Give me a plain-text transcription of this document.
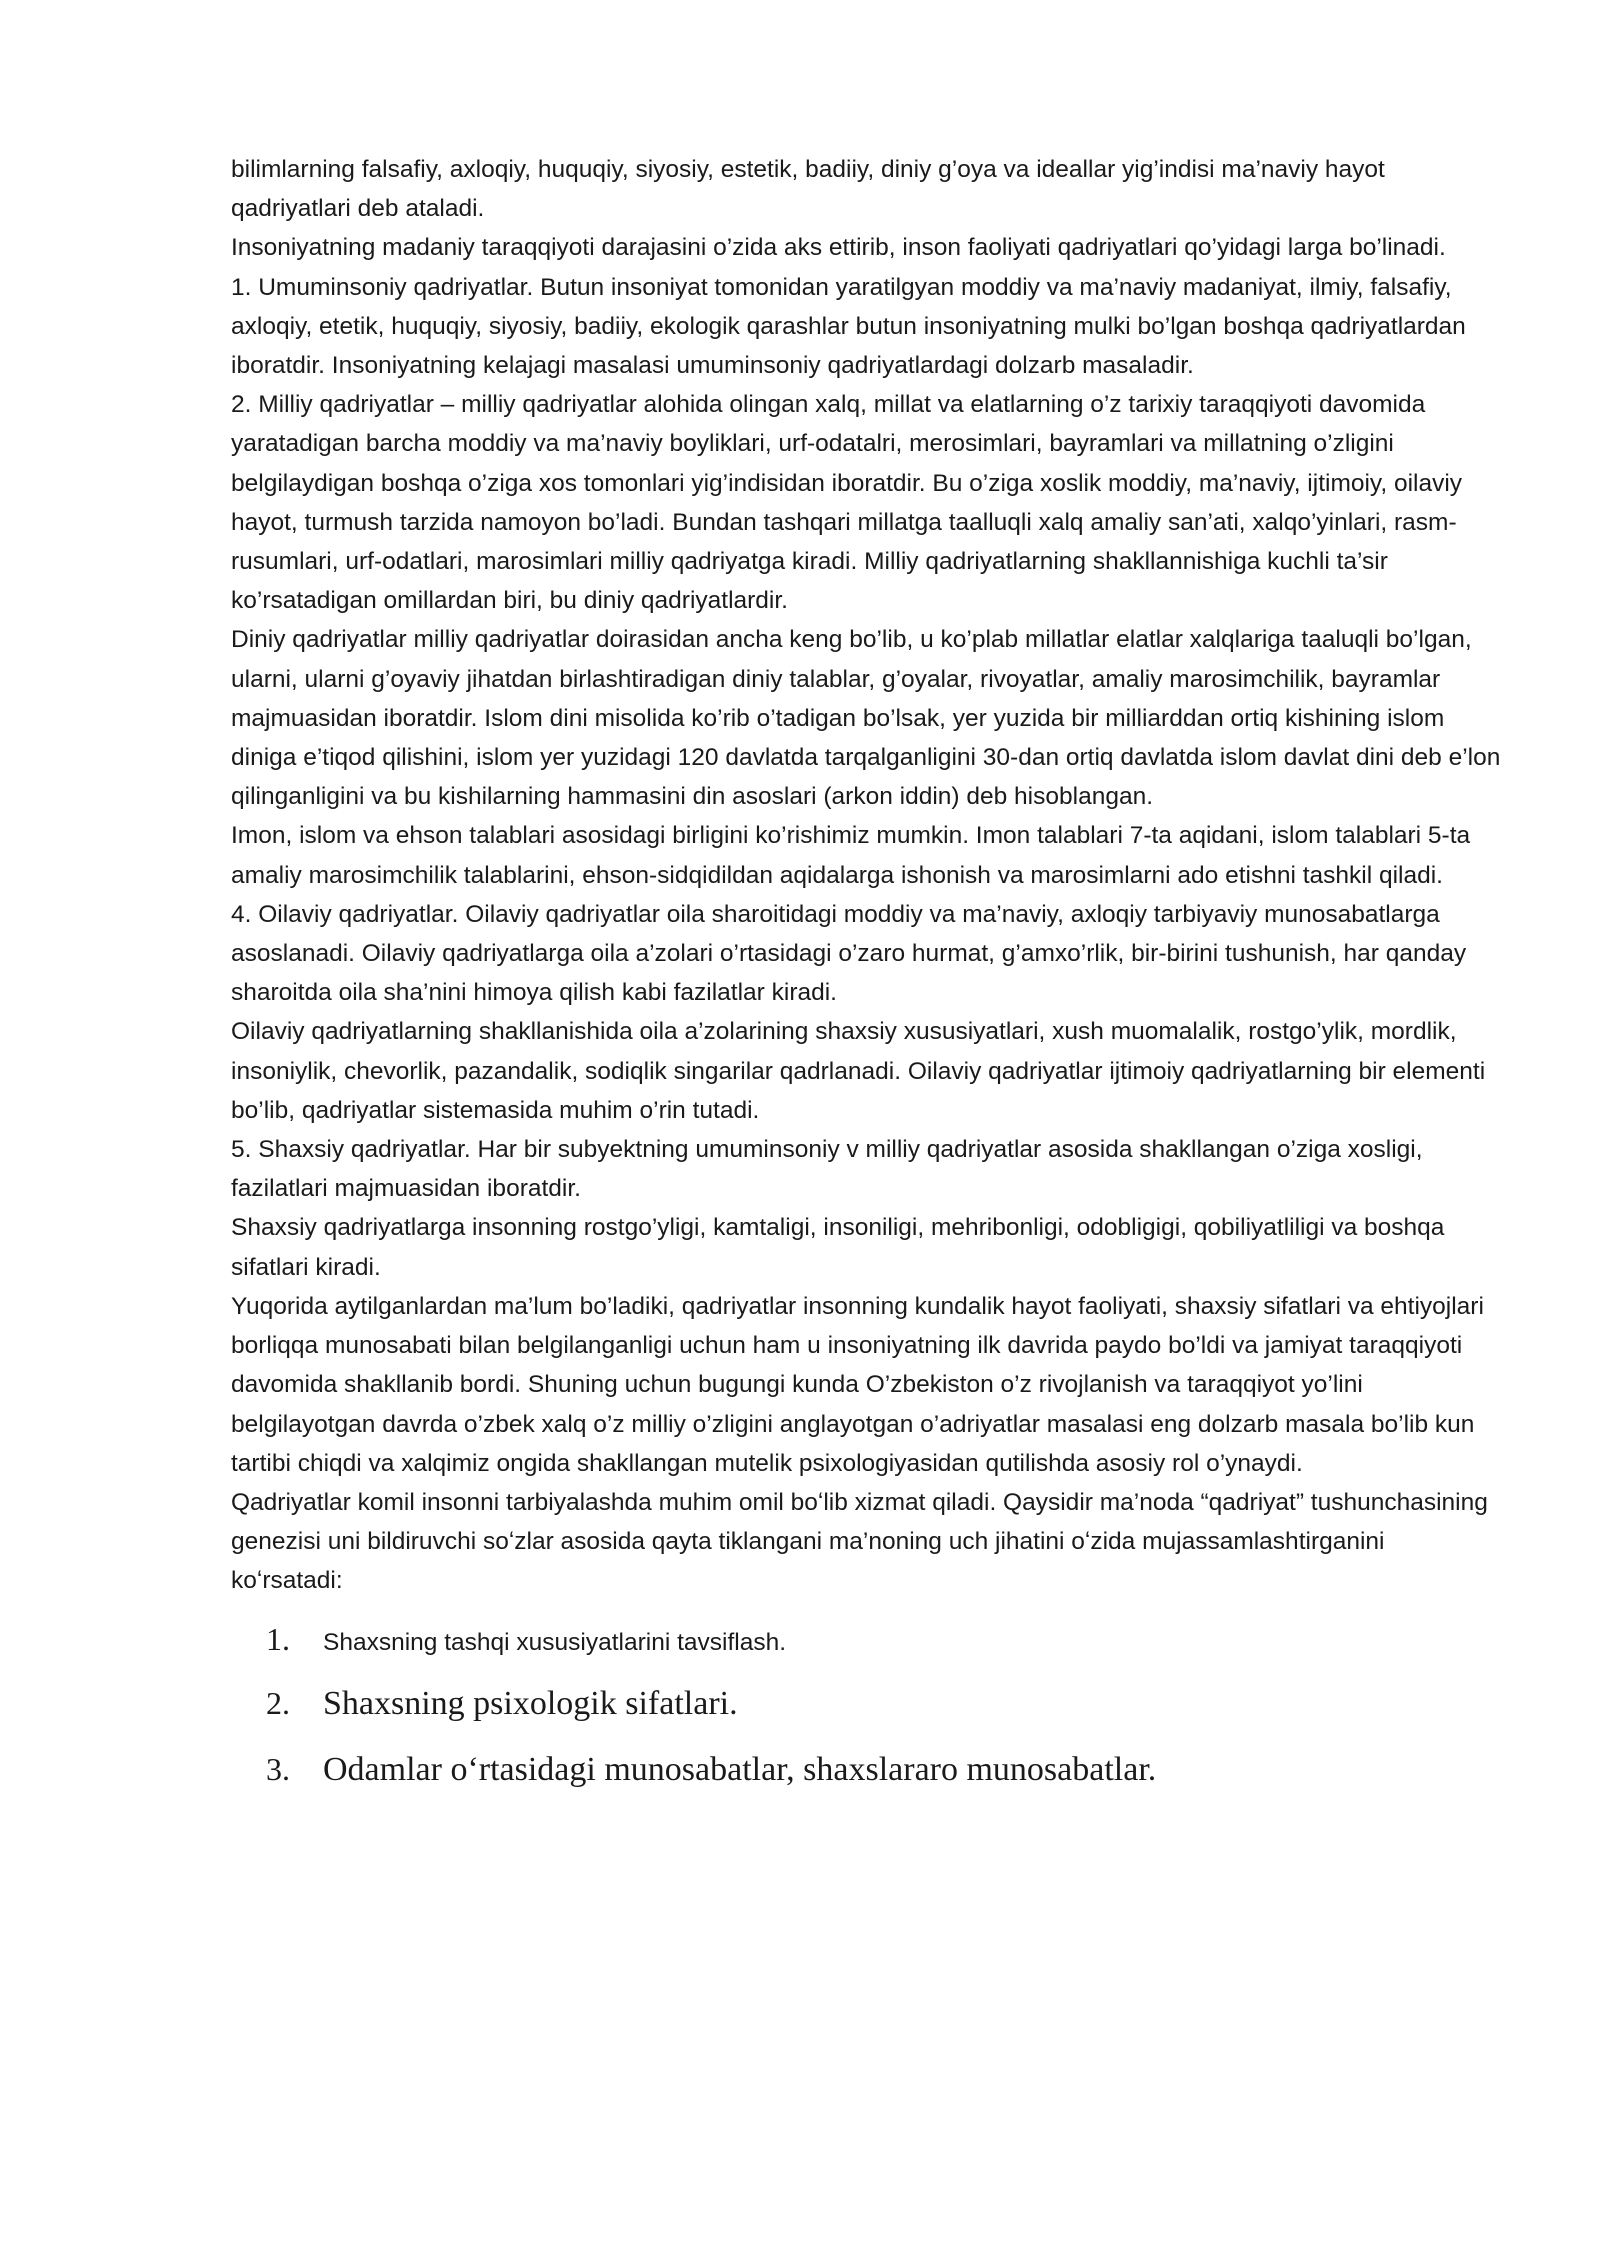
bilimlarning falsafiy, axloqiy, huquqiy, siyosiy, estetik, badiiy, diniy g’oya va ideallar yig’indisi ma’naviy hayot qadriyatlari deb ataladi.

Insoniyatning madaniy taraqqiyoti darajasini o’zida aks ettirib, inson faoliyati qadriyatlari qo’yidagi larga bo’linadi.

1. Umuminsoniy qadriyatlar. Butun insoniyat tomonidan yaratilgyan moddiy va ma’naviy madaniyat, ilmiy, falsafiy, axloqiy, etetik, huquqiy, siyosiy, badiiy, ekologik qarashlar butun insoniyatning mulki bo’lgan boshqa qadriyatlardan iboratdir. Insoniyatning kelajagi masalasi umuminsoniy qadriyatlardagi dolzarb masaladir.

2. Milliy qadriyatlar – milliy qadriyatlar alohida olingan xalq, millat va elatlarning o’z tarixiy taraqqiyoti davomida yaratadigan barcha moddiy va ma’naviy boyliklari, urf-odatalri, merosimlari, bayramlari va millatning o’zligini belgilaydigan boshqa o’ziga xos tomonlari yig’indisidan iboratdir. Bu o’ziga xoslik moddiy, ma’naviy, ijtimoiy, oilaviy hayot, turmush tarzida namoyon bo’ladi. Bundan tashqari millatga taalluqli xalq amaliy san’ati, xalqo’yinlari, rasm-rusumlari, urf-odatlari, marosimlari milliy qadriyatga kiradi. Milliy qadriyatlarning shakllannishiga kuchli ta’sir ko’rsatadigan omillardan biri, bu diniy qadriyatlardir.

Diniy qadriyatlar milliy qadriyatlar doirasidan ancha keng bo’lib, u ko’plab millatlar elatlar xalqlariga taaluqli bo’lgan, ularni, ularni g’oyaviy jihatdan birlashtiradigan diniy talablar, g’oyalar, rivoyatlar, amaliy marosimchilik, bayramlar majmuasidan iboratdir. Islom dini misolida ko’rib o’tadigan bo’lsak, yer yuzida bir milliarddan ortiq kishining islom diniga e’tiqod qilishini, islom yer yuzidagi 120 davlatda tarqalganligini 30-dan ortiq davlatda islom davlat dini deb e’lon qilinganligini va bu kishilarning hammasini din asoslari (arkon iddin) deb hisoblangan.

Imon, islom va ehson talablari asosidagi birligini ko’rishimiz mumkin. Imon talablari 7-ta aqidani, islom talablari 5-ta amaliy marosimchilik talablarini, ehson-sidqidildan aqidalarga ishonish va marosimlarni ado etishni tashkil qiladi.

4. Oilaviy qadriyatlar. Oilaviy qadriyatlar oila sharoitidagi moddiy va ma’naviy, axloqiy tarbiyaviy munosabatlarga asoslanadi. Oilaviy qadriyatlarga oila a’zolari o’rtasidagi o’zaro hurmat, g’amxo’rlik, bir-birini tushunish, har qanday sharoitda oila sha’nini himoya qilish kabi fazilatlar kiradi.

Oilaviy qadriyatlarning shakllanishida oila a’zolarining shaxsiy xususiyatlari, xush muomalalik, rostgo’ylik, mordlik, insoniylik, chevorlik, pazandalik, sodiqlik singarilar qadrlanadi. Oilaviy qadriyatlar ijtimoiy qadriyatlarning bir elementi bo’lib, qadriyatlar sistemasida muhim o’rin tutadi.

5. Shaxsiy qadriyatlar. Har bir subyektning umuminsoniy v milliy qadriyatlar asosida shakllangan o’ziga xosligi, fazilatlari majmuasidan iboratdir.

Shaxsiy qadriyatlarga insonning rostgo’yligi, kamtaligi, insoniligi, mehribonligi, odobligigi, qobiliyatliligi va boshqa sifatlari kiradi.

Yuqorida aytilganlardan ma’lum bo’ladiki, qadriyatlar insonning kundalik hayot faoliyati, shaxsiy sifatlari va ehtiyojlari borliqqa munosabati bilan belgilanganligi uchun ham u insoniyatning ilk davrida paydo bo’ldi va jamiyat taraqqiyoti davomida shakllanib bordi. Shuning uchun bugungi kunda O’zbekiston o’z rivojlanish va taraqqiyot yo’lini belgilayotgan davrda o’zbek xalq o’z milliy o’zligini anglayotgan o’adriyatlar masalasi eng dolzarb masala bo’lib kun tartibi chiqdi va xalqimiz ongida shakllangan mutelik psixologiyasidan qutilishda asosiy rol o’ynaydi.

Qadriyatlar komil insonni tarbiyalashda muhim omil boʻlib xizmat qiladi. Qaysidir ma’noda “qadriyat” tushunchasining genezisi uni bildiruvchi soʻzlar asosida qayta tiklangani ma’noning uch jihatini oʻzida mujassamlashtirganini koʻrsatadi:

1.	Shaxsning tashqi xususiyatlarini tavsiflash.
2. Shaxsning psixologik sifatlari.
3. Odamlar oʻrtasidagi munosabatlar, shaxslararo munosabatlar.
